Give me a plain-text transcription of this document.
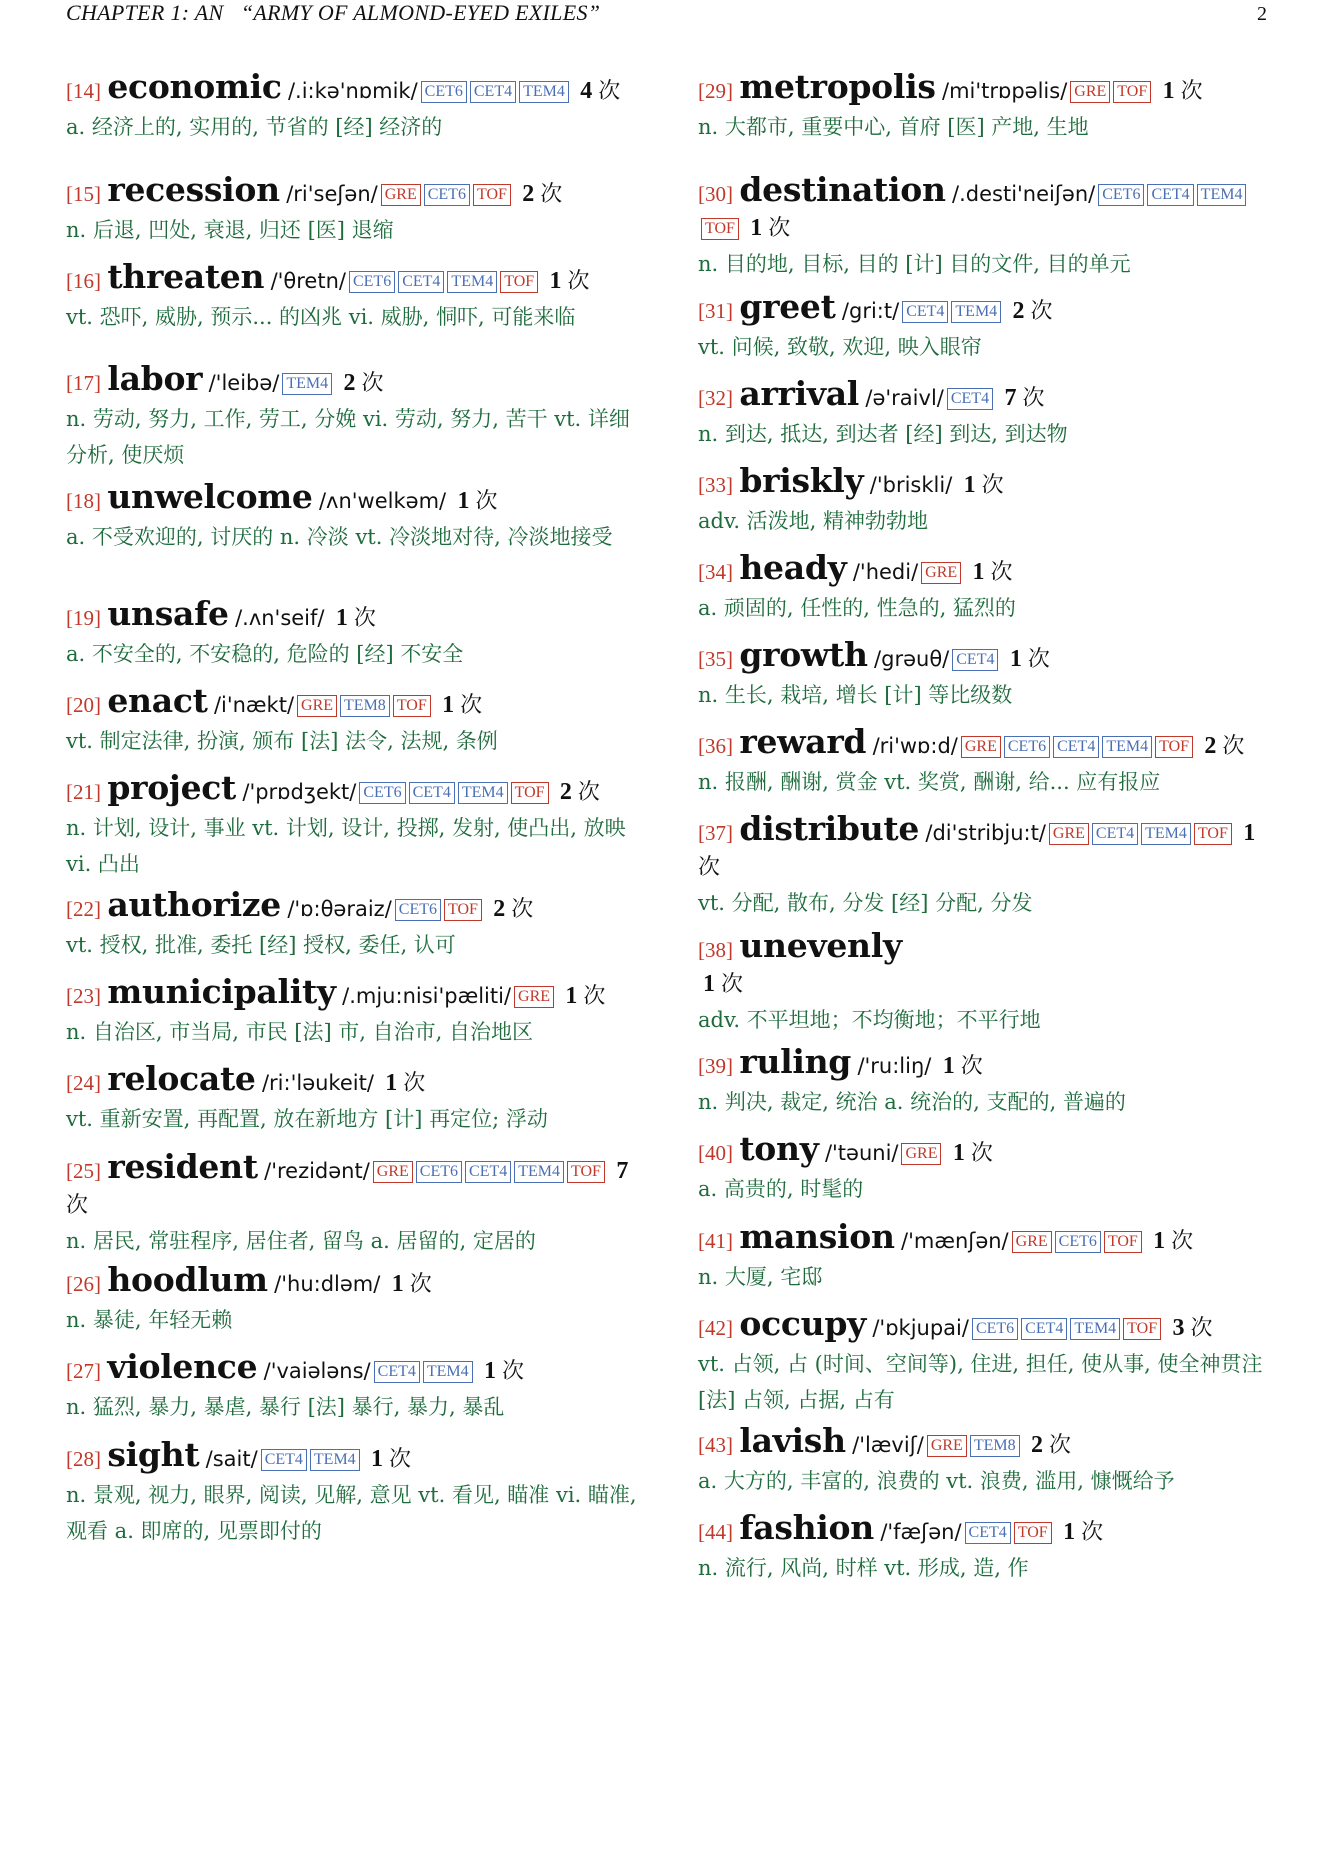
CHAPTER 1: AN   “ARMY OF ALMOND-EYED EXILES”	2
[14] economic /.i:kə'nɒmik/ CET6 CET4 TEM4 4 次
a. 经济上的, 实用的, 节省的 [经] 经济的
[15] recession /ri'seʃən/ GRE CET6 TOF 2 次
n. 后退, 凹处, 衰退, 归还 [医] 退缩
[16] threaten /'θretn/ CET6 CET4 TEM4 TOF 1 次
vt. 恐吓, 威胁, 预示... 的凶兆 vi. 威胁, 恫吓, 可能来临
[17] labor /'leibə/ TEM4 2 次
n. 劳动, 努力, 工作, 劳工, 分娩 vi. 劳动, 努力, 苦干 vt. 详细分析, 使厌烦
[18] unwelcome /ʌn'welkəm/ 1 次
a. 不受欢迎的, 讨厌的 n. 冷淡 vt. 冷淡地对待, 冷淡地接受
[19] unsafe /.ʌn'seif/ 1 次
a. 不安全的, 不安稳的, 危险的 [经] 不安全
[20] enact /i'nækt/ GRE TEM8 TOF 1 次
vt. 制定法律, 扮演, 颁布 [法] 法令, 法规, 条例
[21] project /'prɒdʒekt/ CET6 CET4 TEM4 TOF 2 次
n. 计划, 设计, 事业 vt. 计划, 设计, 投掷, 发射, 使凸出, 放映 vi. 凸出
[22] authorize /'ɒ:θəraiz/ CET6 TOF 2 次
vt. 授权, 批准, 委托 [经] 授权, 委任, 认可
[23] municipality /.mju:nisi'pæliti/ GRE 1 次
n. 自治区, 市当局, 市民 [法] 市, 自治市, 自治地区
[24] relocate /ri:'ləukeit/ 1 次
vt. 重新安置, 再配置, 放在新地方 [计] 再定位; 浮动
[25] resident /'rezidənt/ GRE CET6 CET4 TEM4 TOF 7 次
n. 居民, 常驻程序, 居住者, 留鸟 a. 居留的, 定居的
[26] hoodlum /'hu:dləm/ 1 次
n. 暴徒, 年轻无赖
[27] violence /'vaiələns/ CET4 TEM4 1 次
n. 猛烈, 暴力, 暴虐, 暴行 [法] 暴行, 暴力, 暴乱
[28] sight /sait/ CET4 TEM4 1 次
n. 景观, 视力, 眼界, 阅读, 见解, 意见 vt. 看见, 瞄准 vi. 瞄准, 观看 a. 即席的, 见票即付的
[29] metropolis /mi'trɒpəlis/ GRE TOF 1 次
n. 大都市, 重要中心, 首府 [医] 产地, 生地
[30] destination /.desti'neiʃən/ CET6 CET4 TEM4TOF 1 次
n. 目的地, 目标, 目的 [计] 目的文件, 目的单元
[31] greet /gri:t/ CET4 TEM4 2 次
vt. 问候, 致敬, 欢迎, 映入眼帘
[32] arrival /ə'raivl/ CET4 7 次
n. 到达, 抵达, 到达者 [经] 到达, 到达物
[33] briskly /'briskli/ 1 次
adv. 活泼地, 精神勃勃地
[34] heady /'hedi/ GRE 1 次
a. 顽固的, 任性的, 性急的, 猛烈的
[35] growth /grəuθ/ CET4 1 次
n. 生长, 栽培, 增长 [计] 等比级数
[36] reward /ri'wɒ:d/ GRE CET6 CET4 TEM4 TOF 2 次
n. 报酬, 酬谢, 赏金 vt. 奖赏, 酬谢, 给... 应有报应
[37] distribute /di'stribju:t/ GRE CET4 TEM4 TOF 1 次
vt. 分配, 散布, 分发 [经] 分配, 分发
[38] unevenly
1 次
adv. 不平坦地；不均衡地；不平行地
[39] ruling /'ru:liŋ/ 1 次
n. 判决, 裁定, 统治 a. 统治的, 支配的, 普遍的
[40] tony /'təuni/ GRE 1 次
a. 高贵的, 时髦的
[41] mansion /'mænʃən/ GRE CET6 TOF 1 次
n. 大厦, 宅邸
[42] occupy /'ɒkjupai/ CET6 CET4 TEM4 TOF 3 次
vt. 占领, 占 (时间、空间等), 住进, 担任, 使从事, 使全神贯注 [法] 占领, 占据, 占有
[43] lavish /'læviʃ/ GRE TEM8 2 次
a. 大方的, 丰富的, 浪费的 vt. 浪费, 滥用, 慷慨给予
[44] fashion /'fæʃən/ CET4 TOF 1 次
n. 流行, 风尚, 时样 vt. 形成, 造, 作
